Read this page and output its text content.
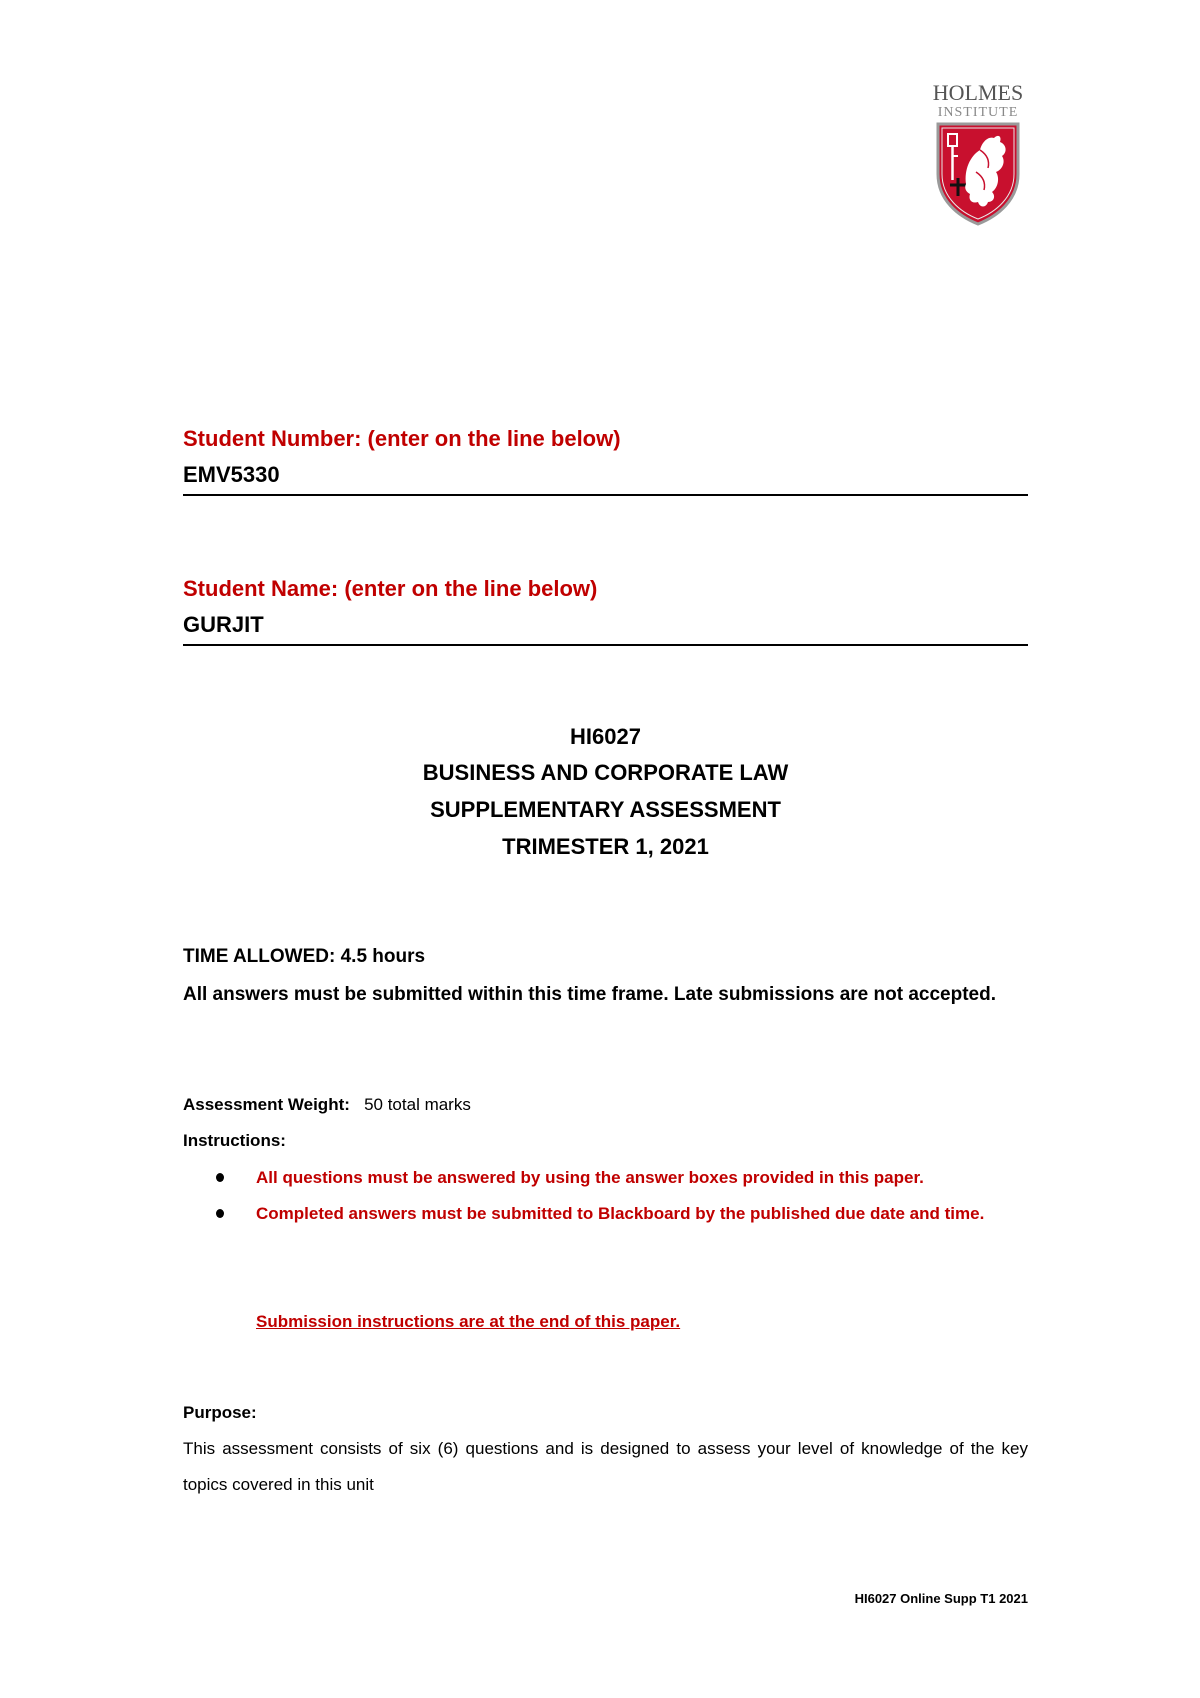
HOLMES
INSTITUTE
Student Number: (enter on the line below)
EMV5330
Student Name: (enter on the line below)
GURJIT
HI6027
BUSINESS AND CORPORATE LAW
SUPPLEMENTARY ASSESSMENT
TRIMESTER 1, 2021
TIME ALLOWED: 4.5 hours
All answers must be submitted within this time frame. Late submissions are not accepted.
Assessment Weight: 50 total marks
Instructions:
All questions must be answered by using the answer boxes provided in this paper.
Completed answers must be submitted to Blackboard by the published due date and time.
Submission instructions are at the end of this paper.
Purpose:
This assessment consists of six (6) questions and is designed to assess your level of knowledge of the key topics covered in this unit
HI6027 Online Supp T1 2021
